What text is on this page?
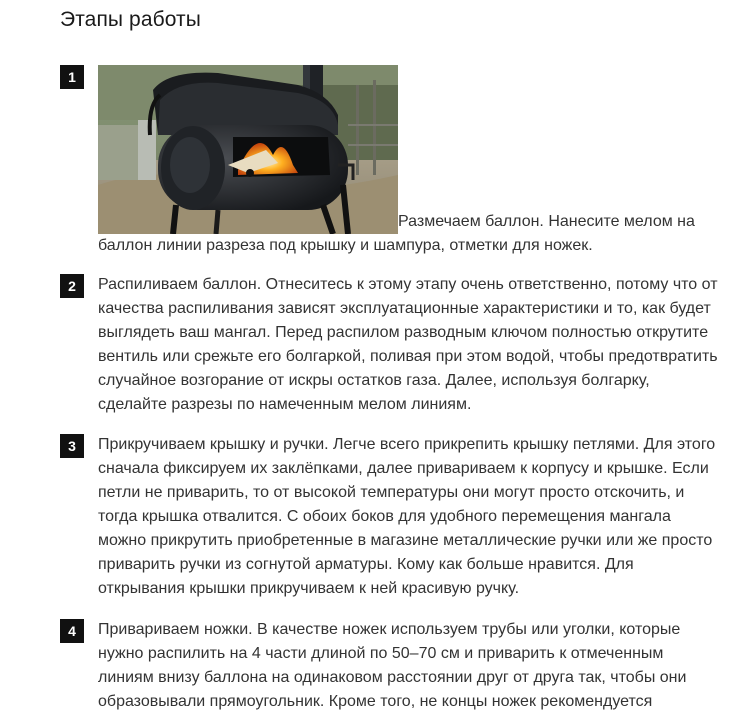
Этапы работы
1

Размечаем баллон. Нанесите мелом на баллон линии разреза под крышку и шампура, отметки для ножек.

2	Распиливаем баллон. Отнеситесь к этому этапу очень ответственно, потому что от качества распиливания зависят эксплуатационные характеристики и то, как будет выглядеть ваш мангал. Перед распилом разводным ключом полностью открутите вентиль или срежьте его болгаркой, поливая при этом водой, чтобы предотвратить случайное возгорание от искры остатков газа. Далее, используя болгарку, сделайте разрезы по намеченным мелом линиям.

3	Прикручиваем крышку и ручки. Легче всего прикрепить крышку петлями. Для этого сначала фиксируем их заклёпками, далее привариваем к корпусу и крышке. Если петли не приварить, то от высокой температуры они могут просто отскочить, и тогда крышка отвалится. С обоих боков для удобного перемещения мангала можно прикрутить приобретенные в магазине металлические ручки или же просто приварить ручки из согнутой арматуры. Кому как больше нравится. Для открывания крышки прикручиваем к ней красивую ручку.

4	Привариваем ножки. В качестве ножек используем трубы или уголки, которые нужно распилить на 4 части длиной по 50–70 см и приварить к отмеченным линиям внизу баллона на одинаковом расстоянии друг от друга так, чтобы они образовывали прямоугольник. Кроме того, не концы ножек рекомендуется
